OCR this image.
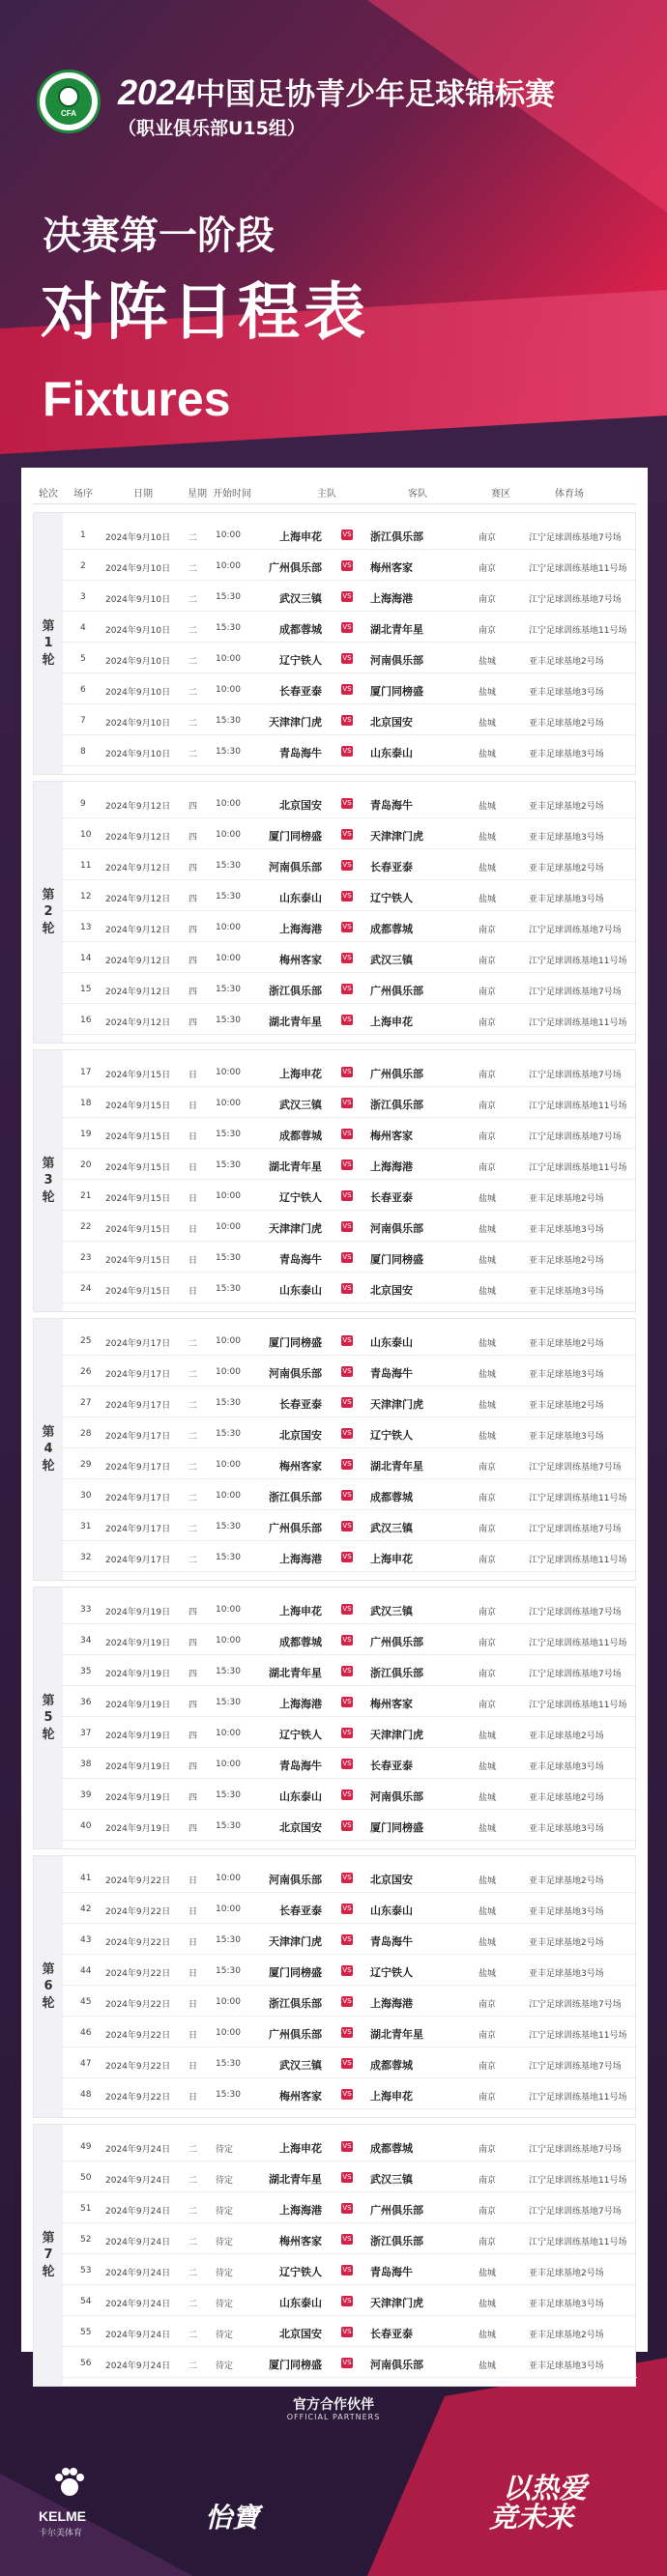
CFA
2024中国足协青少年足球锦标赛
（职业俱乐部U15组）
决赛第一阶段
对阵日程表
Fixtures
轮次 场序	日期	星期 开始时间	主队	客队	赛区	体育场
第
1
轮
1 2024年9月10日 二 10:00	上海申花	浙江俱乐部	南京	江宁足球训练基地7号场
VS
2 2024年9月10日 二 10:00	广州俱乐部	梅州客家	南京	江宁足球训练基地11号场
VS
3 2024年9月10日 二 15:30	武汉三镇	上海海港	南京	江宁足球训练基地7号场
VS
4 2024年9月10日 二 15:30	成都蓉城	湖北青年星	南京	江宁足球训练基地11号场
VS
5 2024年9月10日 二 10:00	辽宁铁人	河南俱乐部	盐城	亚丰足球基地2号场
VS
6 2024年9月10日 二 10:00	长春亚泰	厦门同榜盛	盐城	亚丰足球基地3号场
VS
7 2024年9月10日 二 15:30	天津津门虎	北京国安	盐城	亚丰足球基地2号场
VS
8 2024年9月10日 二 15:30	青岛海牛	山东泰山	盐城	亚丰足球基地3号场
VS
第
2
轮
9 2024年9月12日 四 10:00	北京国安	青岛海牛	盐城	亚丰足球基地2号场
VS
10 2024年9月12日 四 10:00	厦门同榜盛	天津津门虎	盐城	亚丰足球基地3号场
VS
11 2024年9月12日 四 15:30	河南俱乐部	长春亚泰	盐城	亚丰足球基地2号场
VS
12 2024年9月12日 四 15:30	山东泰山	辽宁铁人	盐城	亚丰足球基地3号场
VS
13 2024年9月12日 四 10:00	上海海港	成都蓉城	南京	江宁足球训练基地7号场
VS
14 2024年9月12日 四 10:00	梅州客家	武汉三镇	南京	江宁足球训练基地11号场
VS
15 2024年9月12日 四 15:30	浙江俱乐部	广州俱乐部	南京	江宁足球训练基地7号场
VS
16 2024年9月12日 四 15:30	湖北青年星	上海申花	南京	江宁足球训练基地11号场
VS
第
3
轮
17 2024年9月15日 日 10:00	上海申花	广州俱乐部	南京	江宁足球训练基地7号场
VS
18 2024年9月15日 日 10:00	武汉三镇	浙江俱乐部	南京	江宁足球训练基地11号场
VS
19 2024年9月15日 日 15:30	成都蓉城	梅州客家	南京	江宁足球训练基地7号场
VS
20 2024年9月15日 日 15:30	湖北青年星	上海海港	南京	江宁足球训练基地11号场
VS
21 2024年9月15日 日 10:00	辽宁铁人	长春亚泰	盐城	亚丰足球基地2号场
VS
22 2024年9月15日 日 10:00	天津津门虎	河南俱乐部	盐城	亚丰足球基地3号场
VS
23 2024年9月15日 日 15:30	青岛海牛	厦门同榜盛	盐城	亚丰足球基地2号场
VS
24 2024年9月15日 日 15:30	山东泰山	北京国安	盐城	亚丰足球基地3号场
VS
第
4
轮
25 2024年9月17日 二 10:00	厦门同榜盛	山东泰山	盐城	亚丰足球基地2号场
VS
26 2024年9月17日 二 10:00	河南俱乐部	青岛海牛	盐城	亚丰足球基地3号场
VS
27 2024年9月17日 二 15:30	长春亚泰	天津津门虎	盐城	亚丰足球基地2号场
VS
28 2024年9月17日 二 15:30	北京国安	辽宁铁人	盐城	亚丰足球基地3号场
VS
29 2024年9月17日 二 10:00	梅州客家	湖北青年星	南京	江宁足球训练基地7号场
VS
30 2024年9月17日 二 10:00	浙江俱乐部	成都蓉城	南京	江宁足球训练基地11号场
VS
31 2024年9月17日 二 15:30	广州俱乐部	武汉三镇	南京	江宁足球训练基地7号场
VS
32 2024年9月17日 二 15:30	上海海港	上海申花	南京	江宁足球训练基地11号场
VS
第
5
轮
33 2024年9月19日 四 10:00	上海申花	武汉三镇	南京	江宁足球训练基地7号场
VS
34 2024年9月19日 四 10:00	成都蓉城	广州俱乐部	南京	江宁足球训练基地11号场
VS
35 2024年9月19日 四 15:30	湖北青年星	浙江俱乐部	南京	江宁足球训练基地7号场
VS
36 2024年9月19日 四 15:30	上海海港	梅州客家	南京	江宁足球训练基地11号场
VS
37 2024年9月19日 四 10:00	辽宁铁人	天津津门虎	盐城	亚丰足球基地2号场
VS
38 2024年9月19日 四 10:00	青岛海牛	长春亚泰	盐城	亚丰足球基地3号场
VS
39 2024年9月19日 四 15:30	山东泰山	河南俱乐部	盐城	亚丰足球基地2号场
VS
40 2024年9月19日 四 15:30	北京国安	厦门同榜盛	盐城	亚丰足球基地3号场
VS
第
6
轮
41 2024年9月22日 日 10:00	河南俱乐部	北京国安	盐城	亚丰足球基地2号场
VS
42 2024年9月22日 日 10:00	长春亚泰	山东泰山	盐城	亚丰足球基地3号场
VS
43 2024年9月22日 日 15:30	天津津门虎	青岛海牛	盐城	亚丰足球基地2号场
VS
44 2024年9月22日 日 15:30	厦门同榜盛	辽宁铁人	盐城	亚丰足球基地3号场
VS
45 2024年9月22日 日 10:00	浙江俱乐部	上海海港	南京	江宁足球训练基地7号场
VS
46 2024年9月22日 日 10:00	广州俱乐部	湖北青年星	南京	江宁足球训练基地11号场
VS
47 2024年9月22日 日 15:30	武汉三镇	成都蓉城	南京	江宁足球训练基地7号场
VS
48 2024年9月22日 日 15:30	梅州客家	上海申花	南京	江宁足球训练基地11号场
VS
第
7
轮
49 2024年9月24日 二 待定	上海申花	成都蓉城	南京	江宁足球训练基地7号场
VS
50 2024年9月24日 二 待定	湖北青年星	武汉三镇	南京	江宁足球训练基地11号场
VS
51 2024年9月24日 二 待定	上海海港	广州俱乐部	南京	江宁足球训练基地7号场
VS
52 2024年9月24日 二 待定	梅州客家	浙江俱乐部	南京	江宁足球训练基地11号场
VS
53 2024年9月24日 二 待定	辽宁铁人	青岛海牛	盐城	亚丰足球基地2号场
VS
54 2024年9月24日 二 待定	山东泰山	天津津门虎	盐城	亚丰足球基地3号场
VS
55 2024年9月24日 二 待定	北京国安	长春亚泰	盐城	亚丰足球基地2号场
VS
56 2024年9月24日 二 待定	厦门同榜盛	河南俱乐部	盐城	亚丰足球基地3号场
VS
官方合作伙伴
OFFICIAL PARTNERS
KELME
卡尔美体育	怡寶
以热爱
竞未来
